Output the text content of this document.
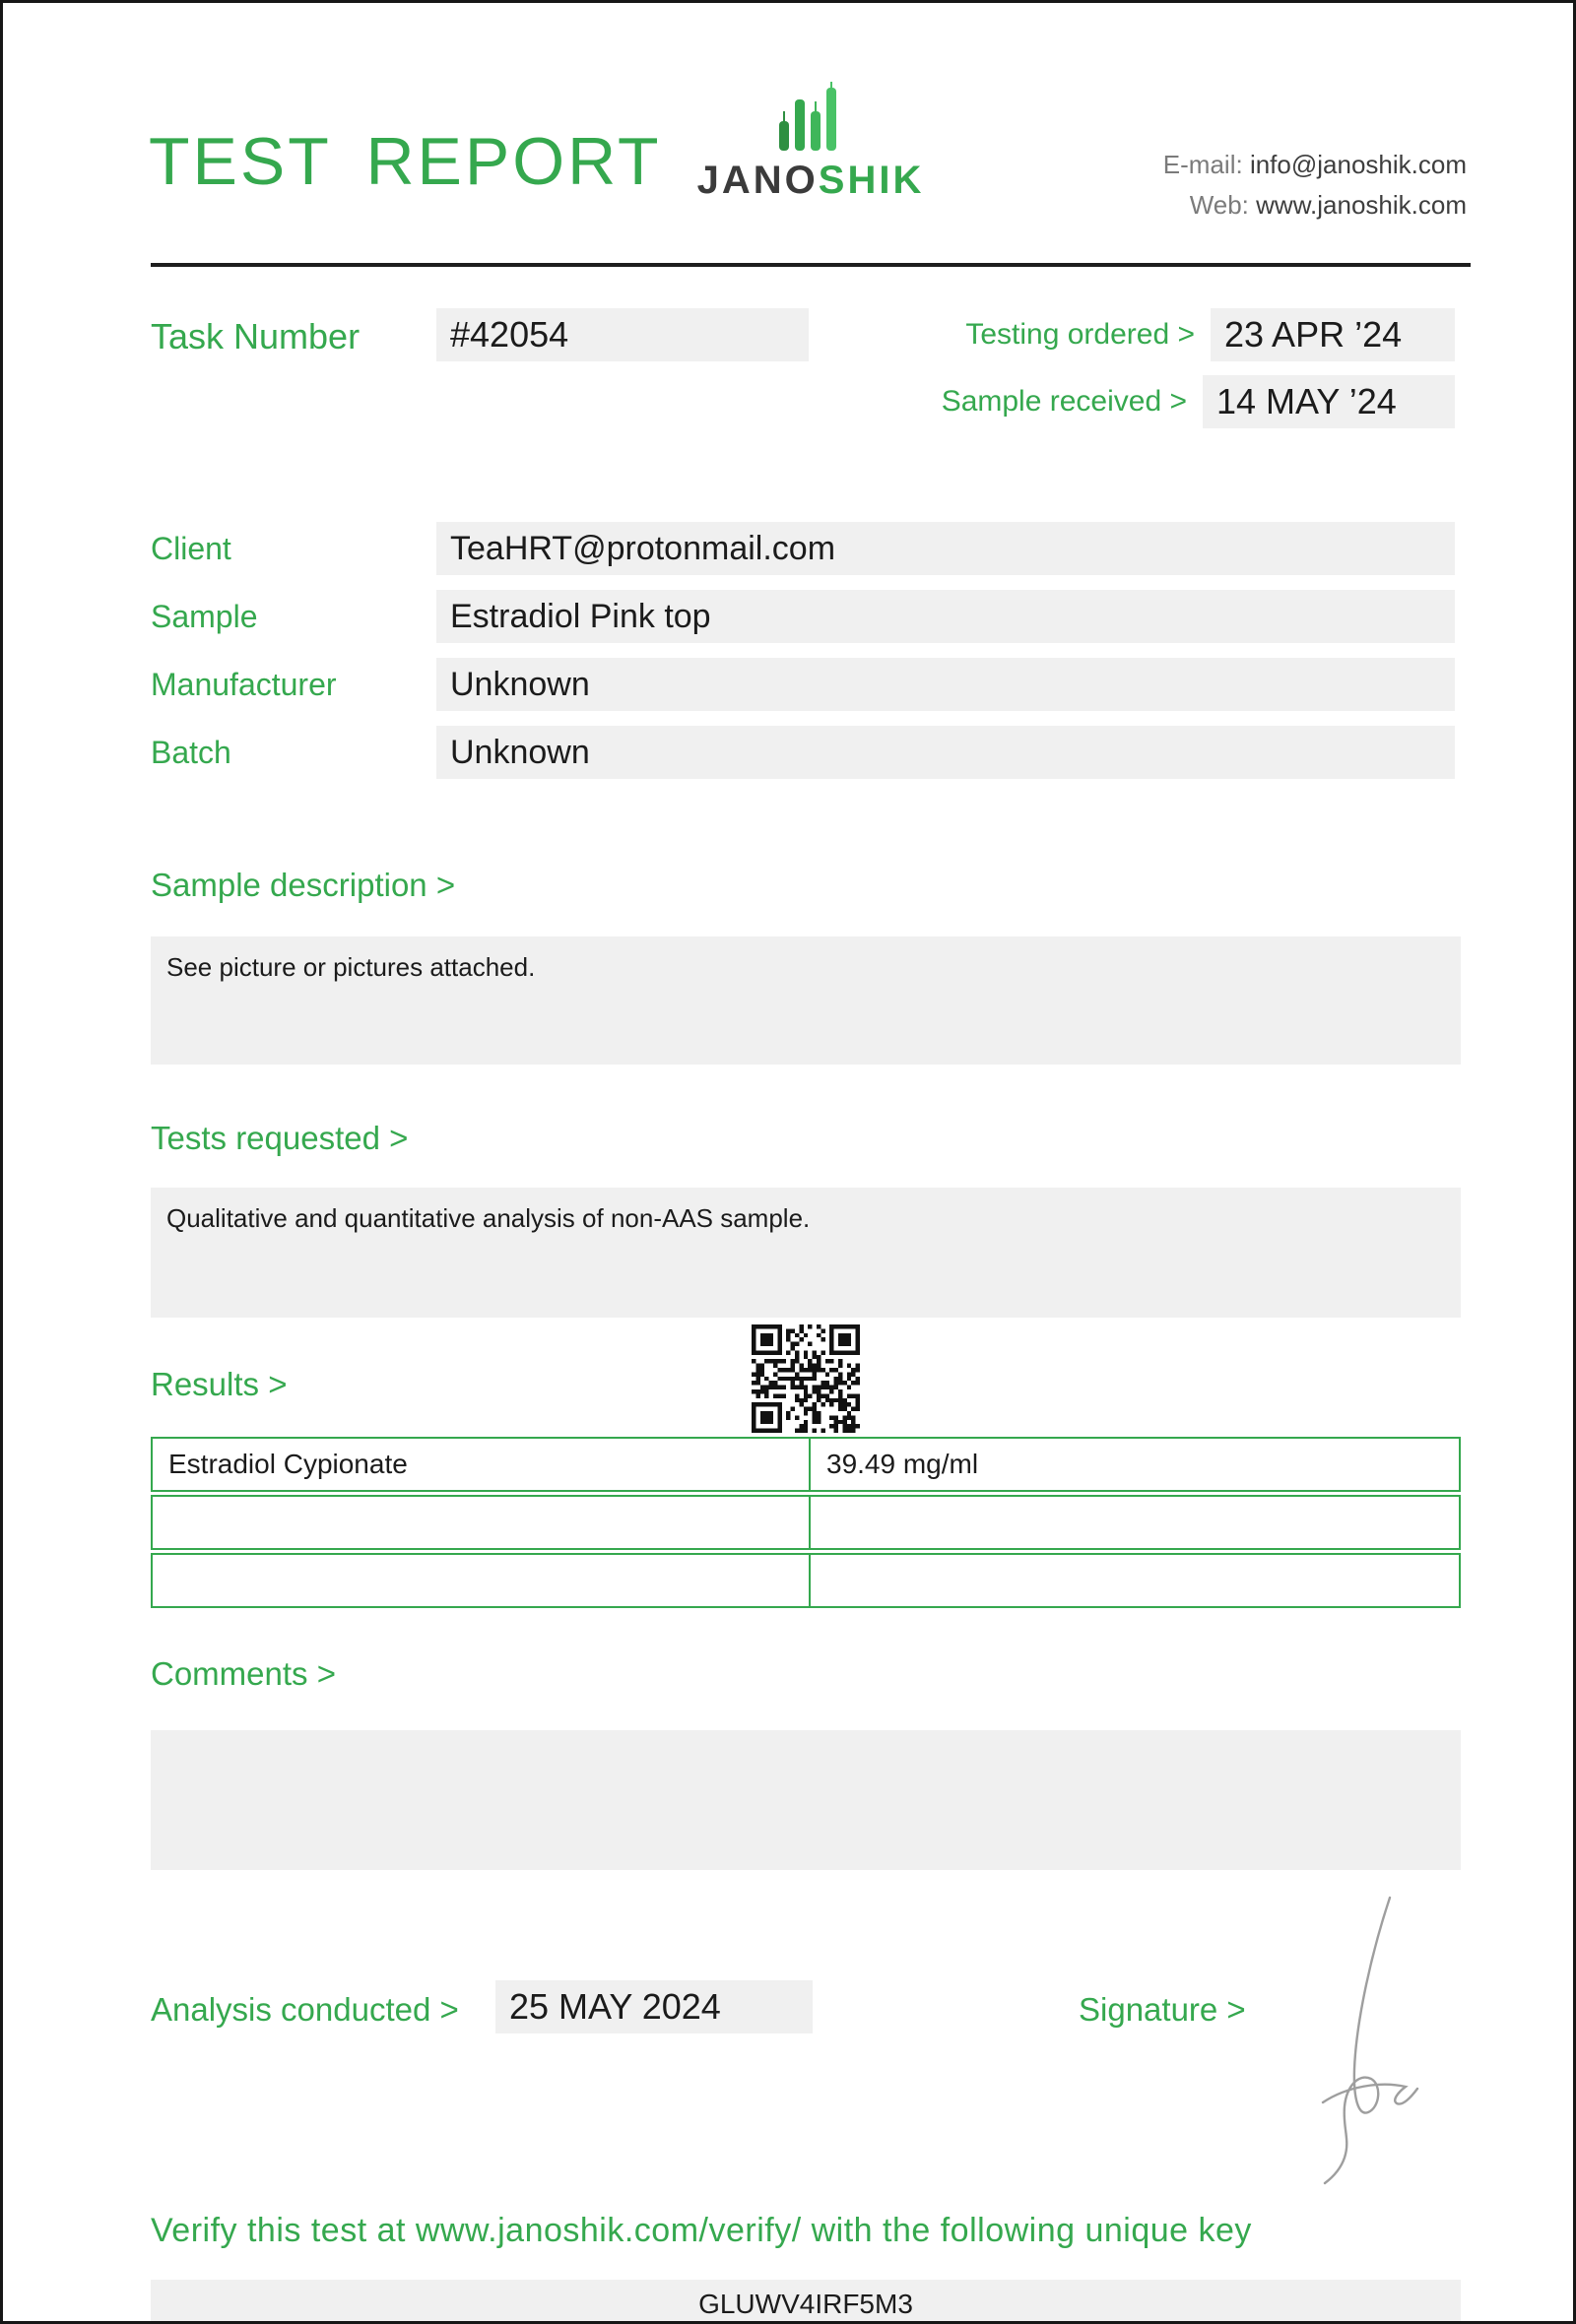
TEST REPORT JANOSHIK	E-mail: info@janoshik.com
Web: www.janoshik.com
Task Number	#42054	Testing ordered > 23 APR ’24
Sample received > 14 MAY ’24
Client	TeaHRT@protonmail.com
Sample	Estradiol Pink top
Manufacturer	Unknown
Batch	Unknown
Sample description >
See picture or pictures attached.
Tests requested >
Qualitative and quantitative analysis of non-AAS sample.
Results >
Estradiol Cypionate	39.49 mg/ml
Comments >
Analysis conducted >	25 MAY 2024	Signature >
Verify this test at www.janoshik.com/verify/ with the following unique key
GLUWV4IRF5M3
